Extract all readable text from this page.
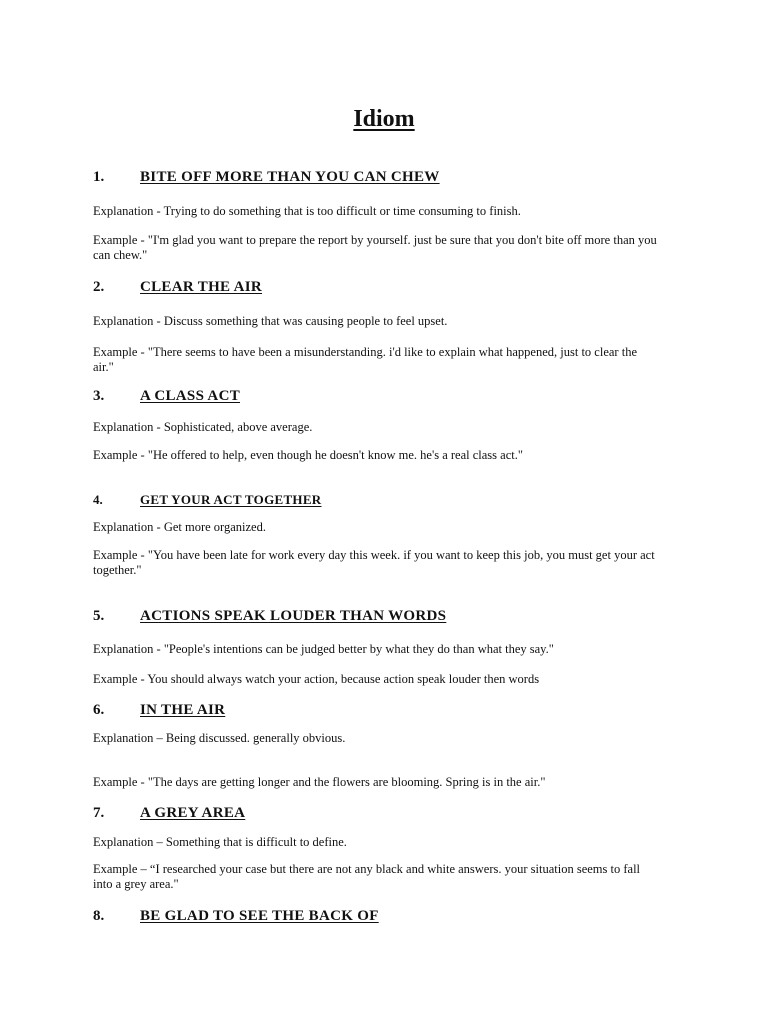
Idiom
1. BITE OFF MORE THAN YOU CAN CHEW
Explanation - Trying to do something that is too difficult or time consuming to finish.
Example - "I'm glad you want to prepare the report by yourself. just be sure that you don't bite off more than you
can chew."
2. CLEAR THE AIR
Explanation - Discuss something that was causing people to feel upset.
Example - "There seems to have been a misunderstanding. i'd like to explain what happened, just to clear the
air."
3. A CLASS ACT
Explanation - Sophisticated, above average.
Example - "He offered to help, even though he doesn't know me. he's a real class act."
4.	GET YOUR ACT TOGETHER
Explanation - Get more organized.
Example - "You have been late for work every day this week. if you want to keep this job, you must get your act
together."
5. ACTIONS SPEAK LOUDER THAN WORDS
Explanation - "People's intentions can be judged better by what they do than what they say."
Example - You should always watch your action, because action speak louder then words
6. IN THE AIR
Explanation – Being discussed. generally obvious.
Example - "The days are getting longer and the flowers are blooming. Spring is in the air."
7. A GREY AREA
Explanation – Something that is difficult to define.
Example – “I researched your case but there are not any black and white answers. your situation seems to fall
into a grey area."
8. BE GLAD TO SEE THE BACK OF
